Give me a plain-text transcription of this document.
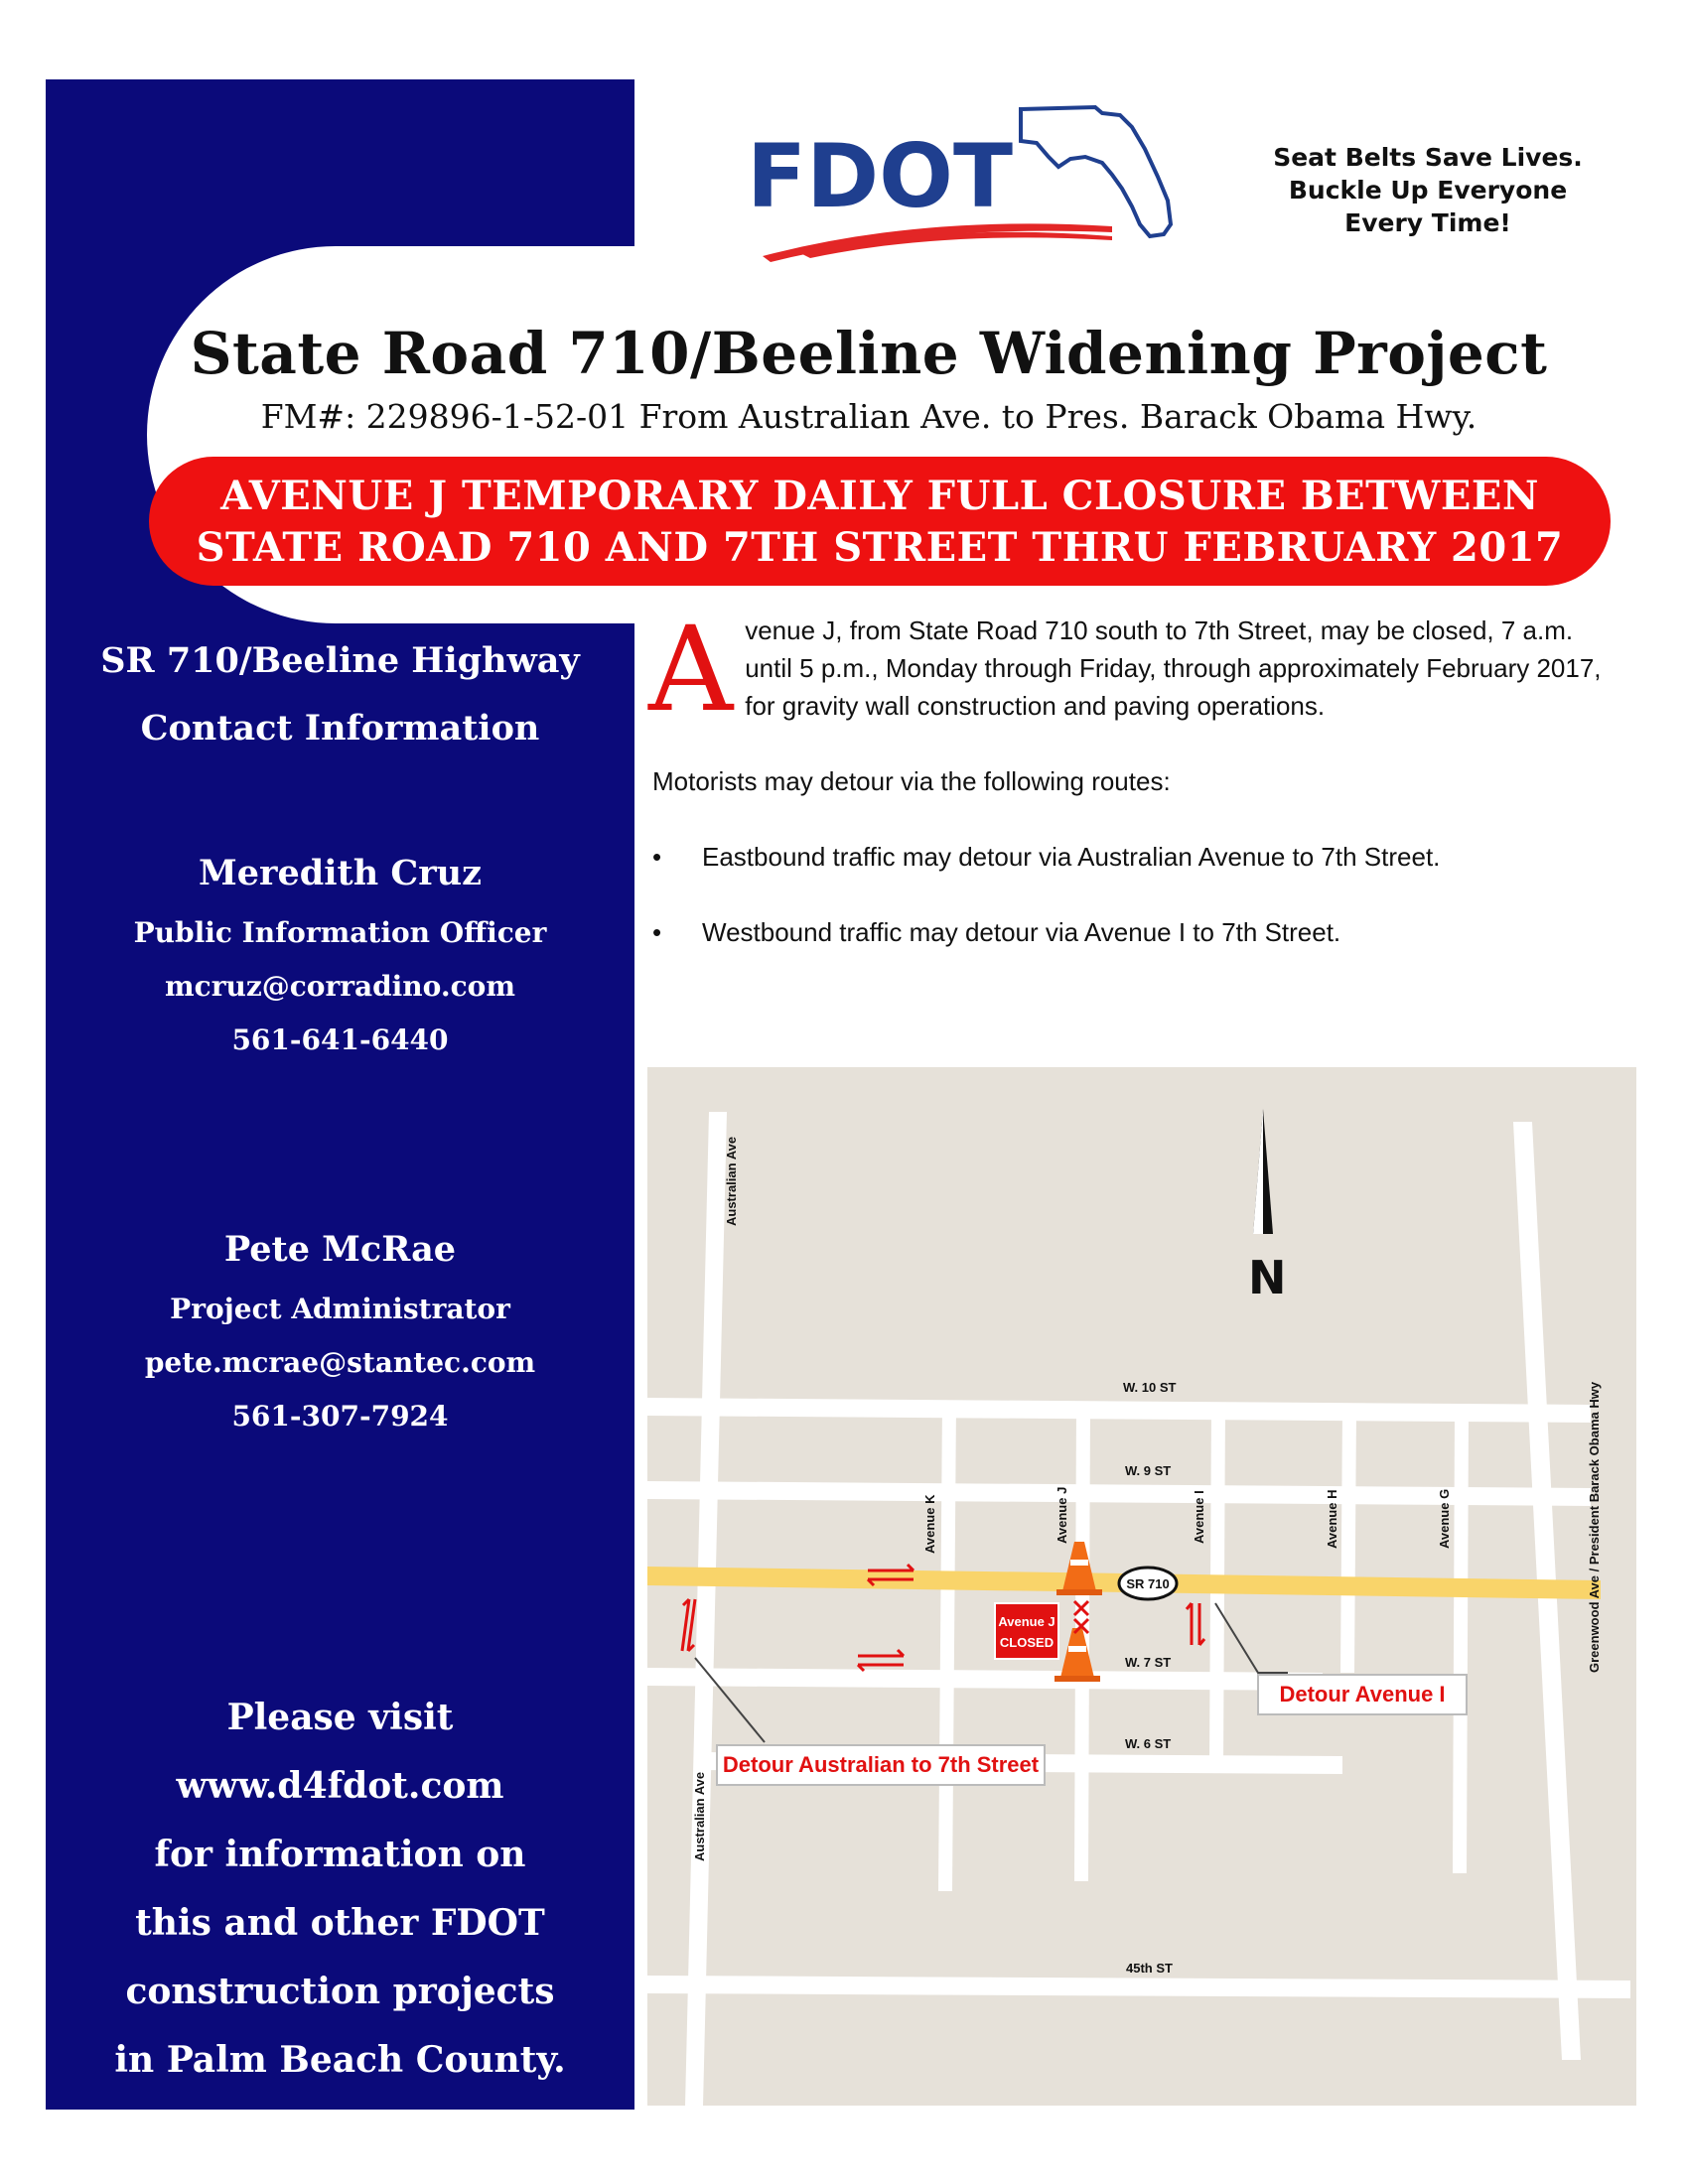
FDOT	Seat Belts Save Lives.
Buckle Up Everyone
Every Time!
State Road 710/Beeline Widening Project
FM#: 229896-1-52-01 From Australian Ave. to Pres. Barack Obama Hwy.
AVENUE J TEMPORARY DAILY FULL CLOSURE BETWEEN
STATE ROAD 710 AND 7TH STREET THRU FEBRUARY 2017
SR 710/Beeline Highway
Contact Information
Meredith Cruz
Public Information Officer
mcruz@corradino.com
561-641-6440
Pete McRae
Project Administrator
pete.mcrae@stantec.com
561-307-7924
Please visit
www.d4fdot.com
for information on
this and other FDOT
construction projects
in Palm Beach County.

Avenue J, from State Road 710 south to 7th Street, may be closed, 7 a.m. until 5 p.m., Monday through Friday, through approximately February 2017, for gravity wall construction and paving operations.

Motorists may detour via the following routes:

• Eastbound traffic may detour via Australian Avenue to 7th Street.
• Westbound traffic may detour via Avenue I to 7th Street.
N
W. 10 ST
W. 9 ST
W. 7 ST
W. 6 ST
45th ST
Australian Ave
Australian Ave
Avenue K	Avenue J	Avenue I	Avenue H	Avenue G	Greenwood Ave / President Barack Obama Hwy
SR 710
Avenue J
CLOSED
Detour Avenue I
Detour Australian to 7th Street
